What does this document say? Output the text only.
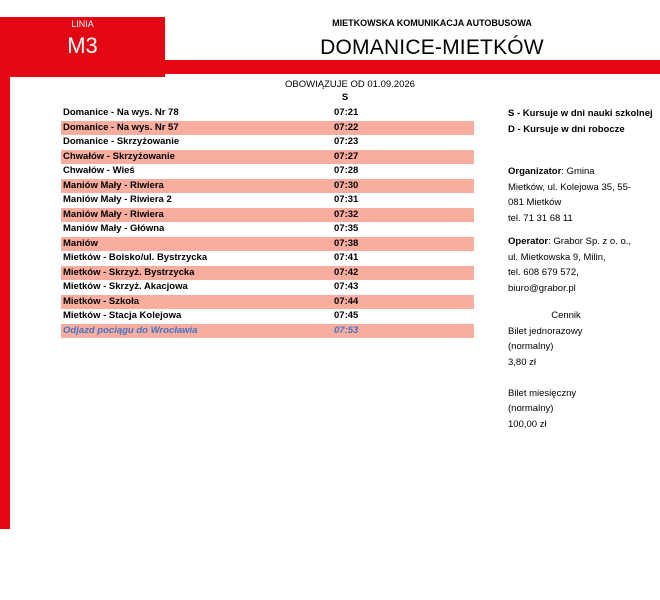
LINIA
M3
MIETKOWSKA KOMUNIKACJA AUTOBUSOWA
DOMANICE-MIETKÓW
OBOWIĄZUJE OD 01.09.2026
S
Domanice - Na wys. Nr 78	07:21
Domanice - Na wys. Nr 57	07:22
Domanice - Skrzyżowanie	07:23
Chwałów - Skrzyżowanie	07:27
Chwałów - Wieś	07:28
Maniów Mały - Riwiera	07:30
Maniów Mały - Riwiera 2	07:31
Maniów Mały - Riwiera	07:32
Maniów Mały - Główna	07:35
Maniów	07:38
Mietków - Boisko/ul. Bystrzycka	07:41
Mietków - Skrzyż. Bystrzycka	07:42
Mietków - Skrzyż. Akacjowa	07:43
Mietków - Szkoła	07:44
Mietków - Stacja Kolejowa	07:45
Odjazd pociągu do Wrocławia	07:53
S - Kursuje w dni nauki szkolnej
D - Kursuje w dni robocze
Organizator: Gmina
Mietków, ul. Kolejowa 35, 55-
081 Mietków
tel. 71 31 68 11
Operator: Grabor Sp. z o. o.,
ul. Mietkowska 9, Milin,
tel. 608 679 572,
biuro@grabor.pl
Cennik
Bilet jednorazowy
(normalny)
3,80 zł
Bilet miesięczny
(normalny)
100,00 zł
